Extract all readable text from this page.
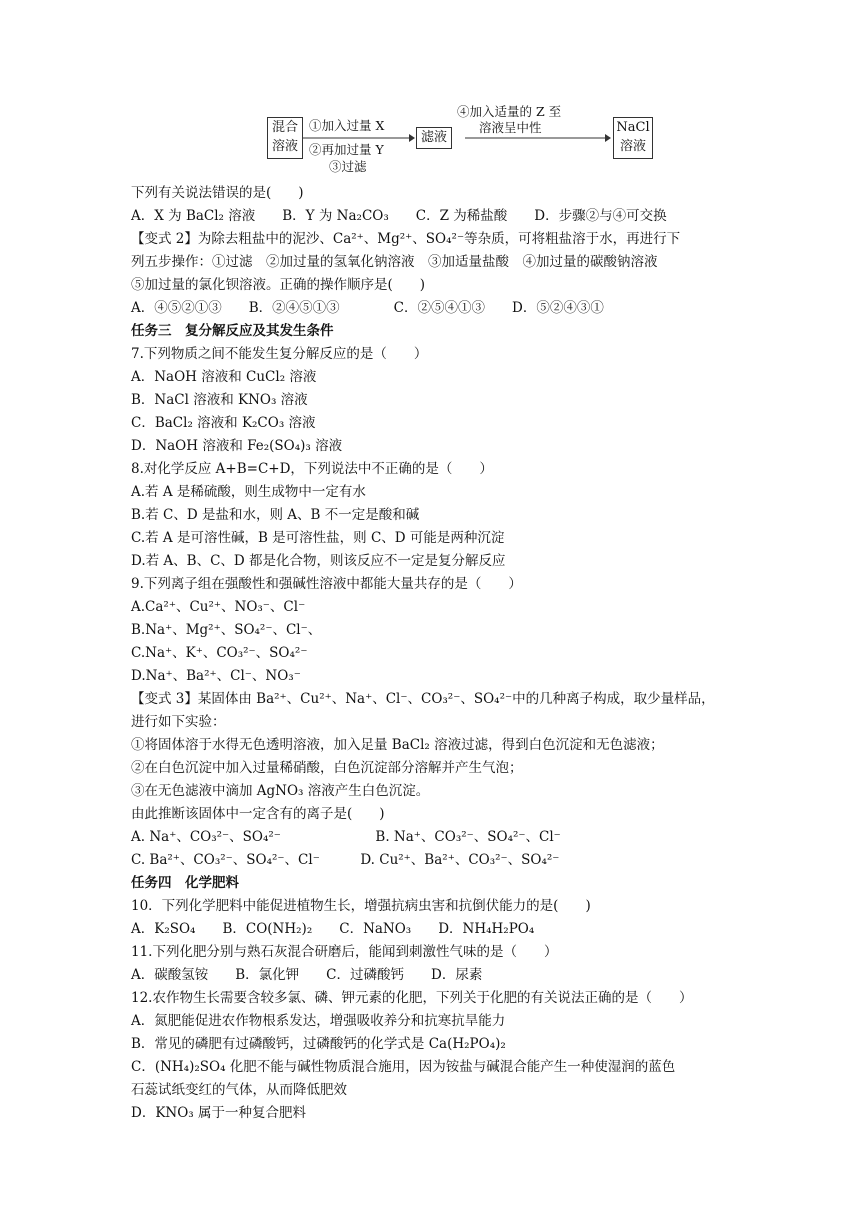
混合
溶液
①加入过量 X
②再加过量 Y
③过滤
滤液
④加入适量的 Z 至
溶液呈中性	NaCl
溶液
下列有关说法错误的是(　　)
A．X 为 BaCl₂ 溶液　　B．Y 为 Na₂CO₃　　C．Z 为稀盐酸　　D．步骤②与④可交换
【变式 2】为除去粗盐中的泥沙、Ca²⁺、Mg²⁺、SO₄²⁻等杂质，可将粗盐溶于水，再进行下
列五步操作：①过滤　②加过量的氢氧化钠溶液　③加适量盐酸　④加过量的碳酸钠溶液
⑤加过量的氯化钡溶液。正确的操作顺序是(　　)
A．④⑤②①③　　B．②④⑤①③　　　　C．②⑤④①③　　D．⑤②④③①
任务三　复分解反应及其发生条件
7.下列物质之间不能发生复分解反应的是（　　）
A．NaOH 溶液和 CuCl₂ 溶液
B．NaCl 溶液和 KNO₃ 溶液
C．BaCl₂ 溶液和 K₂CO₃ 溶液
D．NaOH 溶液和 Fe₂(SO₄)₃ 溶液
8.对化学反应 A+B=C+D，下列说法中不正确的是（　　）
A.若 A 是稀硫酸，则生成物中一定有水
B.若 C、D 是盐和水，则 A、B 不一定是酸和碱
C.若 A 是可溶性碱，B 是可溶性盐，则 C、D 可能是两种沉淀
D.若 A、B、C、D 都是化合物，则该反应不一定是复分解反应
9.下列离子组在强酸性和强碱性溶液中都能大量共存的是（　　）
A.Ca²⁺、Cu²⁺、NO₃⁻、Cl⁻
B.Na⁺、Mg²⁺、SO₄²⁻、Cl⁻、
C.Na⁺、K⁺、CO₃²⁻、SO₄²⁻
D.Na⁺、Ba²⁺、Cl⁻、NO₃⁻
【变式 3】某固体由 Ba²⁺、Cu²⁺、Na⁺、Cl⁻、CO₃²⁻、SO₄²⁻中的几种离子构成，取少量样品，
进行如下实验：
①将固体溶于水得无色透明溶液，加入足量 BaCl₂ 溶液过滤，得到白色沉淀和无色滤液；
②在白色沉淀中加入过量稀硝酸，白色沉淀部分溶解并产生气泡；
③在无色滤液中滴加 AgNO₃ 溶液产生白色沉淀。
由此推断该固体中一定含有的离子是(　　)
A. Na⁺、CO₃²⁻、SO₄²⁻　　　　　　　B. Na⁺、CO₃²⁻、SO₄²⁻、Cl⁻
C. Ba²⁺、CO₃²⁻、SO₄²⁻、Cl⁻　　　D. Cu²⁺、Ba²⁺、CO₃²⁻、SO₄²⁻
任务四　化学肥料
10．下列化学肥料中能促进植物生长，增强抗病虫害和抗倒伏能力的是(　　)
A．K₂SO₄　　B．CO(NH₂)₂　　C．NaNO₃　　D．NH₄H₂PO₄
11.下列化肥分别与熟石灰混合研磨后，能闻到刺激性气味的是（　　）
A．碳酸氢铵　　B．氯化钾　　C．过磷酸钙　　D．尿素
12.农作物生长需要含较多氯、磷、钾元素的化肥，下列关于化肥的有关说法正确的是（　　）
A．氮肥能促进农作物根系发达，增强吸收养分和抗寒抗旱能力
B．常见的磷肥有过磷酸钙，过磷酸钙的化学式是 Ca(H₂PO₄)₂
C．(NH₄)₂SO₄ 化肥不能与碱性物质混合施用，因为铵盐与碱混合能产生一种使湿润的蓝色
石蕊试纸变红的气体，从而降低肥效
D．KNO₃ 属于一种复合肥料
